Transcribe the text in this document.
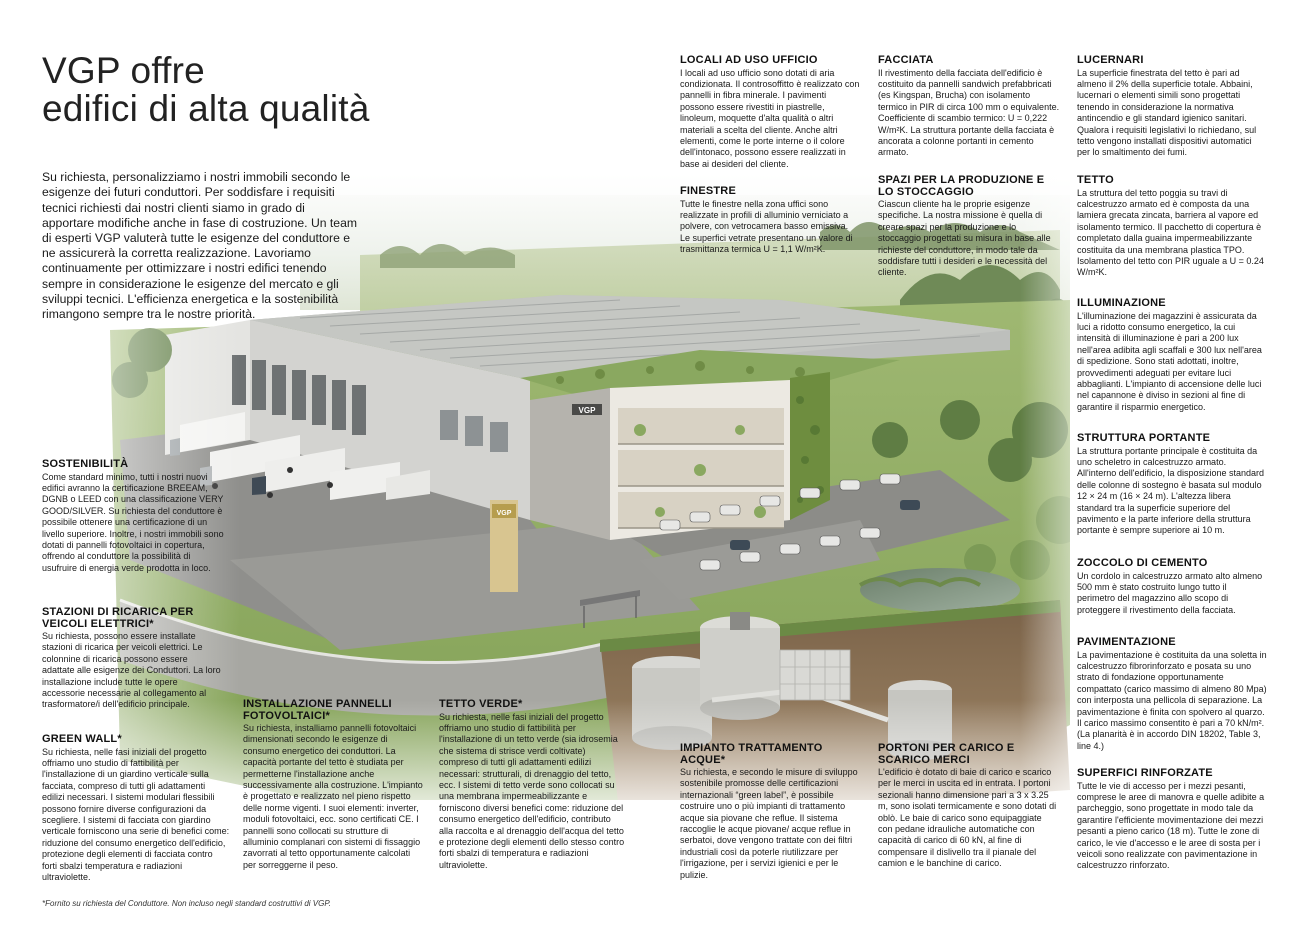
VGP
VGP
VGP offre
edifici di alta qualità

Su richiesta, personalizziamo i nostri immobili secondo le esigenze dei futuri conduttori. Per soddisfare i requisiti tecnici richiesti dai nostri clienti siamo in grado di apportare modifiche anche in fase di costruzione. Un team di esperti VGP valuterà tutte le esigenze del conduttore e ne assicurerà la corretta realizzazione. Lavoriamo continuamente per ottimizzare i nostri edifici tenendo sempre in considerazione le esigenze del mercato e gli sviluppi tecnici. L'efficienza energetica e la sostenibilità rimangono sempre tra le nostre priorità.

SOSTENIBILITÀ

Come standard minimo, tutti i nostri nuovi edifici avranno la certificazione BREEAM, DGNB o LEED con una classificazione VERY GOOD/SILVER. Su richiesta del conduttore è possibile ottenere una certificazione di un livello superiore. Inoltre, i nostri immobili sono dotati di pannelli fotovoltaici in copertura, offrendo al conduttore la possibilità di usufruire di energia verde prodotta in loco.

STAZIONI DI RICARICA PER VEICOLI ELETTRICI*

Su richiesta, possono essere installate stazioni di ricarica per veicoli elettrici. Le colonnine di ricarica possono essere adattate alle esigenze dei Conduttori. La loro installazione include tutte le opere accessorie necessarie al collegamento al trasformatore/i dell'edificio principale.

GREEN WALL*

Su richiesta, nelle fasi iniziali del progetto offriamo uno studio di fattibilità per l'installazione di un giardino verticale sulla facciata, compreso di tutti gli adattamenti edilizi necessari. I sistemi modulari flessibili possono fornire diverse configurazioni da scegliere. I sistemi di facciata con giardino verticale forniscono una serie di benefici come: riduzione del consumo energetico dell'edificio, protezione degli elementi di facciata contro forti sbalzi temperatura e radiazioni ultraviolette.

INSTALLAZIONE PANNELLI FOTOVOLTAICI*

Su richiesta, installiamo pannelli fotovoltaici dimensionati secondo le esigenze di consumo energetico dei conduttori. La capacità portante del tetto è studiata per permetterne l'installazione anche successivamente alla costruzione. L'impianto è progettato e realizzato nel pieno rispetto delle norme vigenti. I suoi elementi: inverter, moduli fotovoltaici, ecc. sono certificati CE. I pannelli sono collocati su strutture di alluminio complanari con sistemi di fissaggio zavorrati al tetto opportunamente calcolati per sorreggerne il peso.

TETTO VERDE*

Su richiesta, nelle fasi iniziali del progetto offriamo uno studio di fattibilità per l'installazione di un tetto verde (sia idrosemia che sistema di strisce verdi coltivate) compreso di tutti gli adattamenti edilizi necessari: strutturali, di drenaggio del tetto, ecc. I sistemi di tetto verde sono collocati su una membrana impermeabilizzante e forniscono diversi benefici come: riduzione del consumo energetico dell'edificio, contributo alla raccolta e al drenaggio dell'acqua del tetto e protezione degli elementi dello stesso contro forti sbalzi di temperatura e radiazioni ultraviolette.

IMPIANTO TRATTAMENTO ACQUE*

Su richiesta, e secondo le misure di sviluppo sostenibile promosse delle certificazioni internazionali “green label”, è possibile costruire uno o più impianti di trattamento acque sia piovane che reflue. Il sistema raccoglie le acque piovane/ acque reflue in serbatoi, dove vengono trattate con dei filtri industriali così da poterle riutilizzare per l'irrigazione, per i servizi igienici e per le pulizie.

PORTONI PER CARICO E SCARICO MERCI

L'edificio è dotato di baie di carico e scarico per le merci in uscita ed in entrata. I portoni sezionali hanno dimensione pari a 3 x 3.25 m, sono isolati termicamente e sono dotati di oblò. Le baie di carico sono equipaggiate con pedane idrauliche automatiche con capacità di carico di 60 kN, al fine di compensare il dislivello tra il pianale del camion e le banchine di carico.

LOCALI AD USO UFFICIO

I locali ad uso ufficio sono dotati di aria condizionata. Il controsoffitto è realizzato con pannelli in fibra minerale. I pavimenti possono essere rivestiti in piastrelle, linoleum, moquette d'alta qualità o altri materiali a scelta del cliente. Anche altri elementi, come le porte interne o il colore dell'intonaco, possono essere realizzati in base ai desideri del cliente.

FINESTRE

Tutte le finestre nella zona uffici sono realizzate in profili di alluminio verniciato a polvere, con vetrocamera basso emissiva. Le superfici vetrate presentano un valore di trasmittanza termica U = 1,1 W/m²K.

FACCIATA

Il rivestimento della facciata dell'edificio è costituito da pannelli sandwich prefabbricati (es Kingspan, Brucha) con isolamento termico in PIR di circa 100 mm o equivalente. Coefficiente di scambio termico: U = 0,222 W/m²K. La struttura portante della facciata è ancorata a colonne portanti in cemento armato.

SPAZI PER LA PRODUZIONE E LO STOCCAGGIO

Ciascun cliente ha le proprie esigenze specifiche. La nostra missione è quella di creare spazi per la produzione e lo stoccaggio progettati su misura in base alle richieste del conduttore, in modo tale da soddisfare tutti i desideri e le necessità del cliente.

LUCERNARI

La superficie finestrata del tetto è pari ad almeno il 2% della superficie totale. Abbaini, lucernari o elementi simili sono progettati tenendo in considerazione la normativa antincendio e gli standard igienico sanitari. Qualora i requisiti legislativi lo richiedano, sul tetto vengono installati dispositivi automatici per lo smaltimento dei fumi.

TETTO

La struttura del tetto poggia su travi di calcestruzzo armato ed è composta da una lamiera grecata zincata, barriera al vapore ed isolamento termico. Il pacchetto di copertura è completato dalla guaina impermeabilizzante costituita da una membrana plastica TPO. Isolamento del tetto con PIR uguale a U = 0.24 W/m²K.

ILLUMINAZIONE

L'illuminazione dei magazzini è assicurata da luci a ridotto consumo energetico, la cui intensità di illuminazione è pari a 200 lux nell'area adibita agli scaffali e 300 lux nell'area di spedizione. Sono stati adottati, inoltre, provvedimenti adeguati per evitare luci abbaglianti. L'impianto di accensione delle luci nel capannone è diviso in sezioni al fine di garantire il risparmio energetico.

STRUTTURA PORTANTE

La struttura portante principale è costituita da uno scheletro in calcestruzzo armato. All'interno dell'edificio, la disposizione standard delle colonne di sostegno è basata sul modulo 12 × 24 m (16 × 24 m). L'altezza libera standard tra la superficie superiore del pavimento e la parte inferiore della struttura portante è sempre superiore ai 10 m.

ZOCCOLO DI CEMENTO

Un cordolo in calcestruzzo armato alto almeno 500 mm è stato costruito lungo tutto il perimetro del magazzino allo scopo di proteggere il rivestimento della facciata.

PAVIMENTAZIONE

La pavimentazione è costituita da una soletta in calcestruzzo fibrorinforzato e posata su uno strato di fondazione opportunamente compattato (carico massimo di almeno 80 Mpa) con interposta una pellicola di separazione. La pavimentazione è finita con spolvero al quarzo. Il carico massimo consentito è pari a 70 kN/m². (La planarità è in accordo DIN 18202, Table 3, line 4.)

SUPERFICI RINFORZATE

Tutte le vie di accesso per i mezzi pesanti, comprese le aree di manovra e quelle adibite a parcheggio, sono progettate in modo tale da garantire l'efficiente movimentazione dei mezzi pesanti a pieno carico (18 m). Tutte le zone di carico, le vie d'accesso e le aree di sosta per i veicoli sono realizzate con pavimentazione in calcestruzzo rinforzato.

*Fornito su richiesta del Conduttore. Non incluso negli standard costruttivi di VGP.
